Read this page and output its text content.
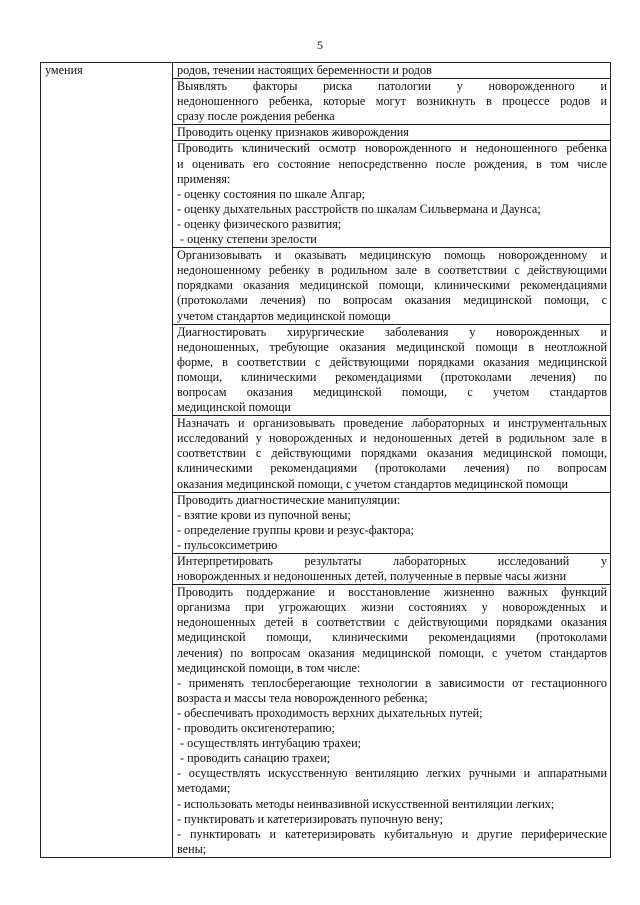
5
умения	родов, течении настоящих беременности и родов

Выявлять факторы риска патологии у новорожденного и
недоношенного ребенка, которые могут возникнуть в процессе родов и
сразу после рождения ребенка

Проводить оценку признаков живорождения

Проводить клинический осмотр новорожденного и недоношенного ребенка
и оценивать его состояние непосредственно после рождения, в том числе
применяя:
- оценку состояния по шкале Апгар;
- оценку дыхательных расстройств по шкалам Сильвермана и Даунса;
- оценку физического развития;
- оценку степени зрелости

Организовывать и оказывать медицинскую помощь новорожденному и
недоношенному ребенку в родильном зале в соответствии с действующими
порядками оказания медицинской помощи, клиническими рекомендациями
(протоколами лечения) по вопросам оказания медицинской помощи, с
учетом стандартов медицинской помощи

Диагностировать хирургические заболевания у новорожденных и
недоношенных, требующие оказания медицинской помощи в неотложной
форме, в соответствии с действующими порядками оказания медицинской
помощи, клиническими рекомендациями (протоколами лечения) по
вопросам оказания медицинской помощи, с учетом стандартов
медицинской помощи

Назначать и организовывать проведение лабораторных и инструментальных
исследований у новорожденных и недоношенных детей в родильном зале в
соответствии с действующими порядками оказания медицинской помощи,
клиническими рекомендациями (протоколами лечения) по вопросам
оказания медицинской помощи, с учетом стандартов медицинской помощи

Проводить диагностические манипуляции:
- взятие крови из пупочной вены;
- определение группы крови и резус-фактора;
- пульсоксиметрию

Интерпретировать результаты лабораторных исследований у
новорожденных и недоношенных детей, полученные в первые часы жизни

Проводить поддержание и восстановление жизненно важных функций
организма при угрожающих жизни состояниях у новорожденных и
недоношенных детей в соответствии с действующими порядками оказания
медицинской помощи, клиническими рекомендациями (протоколами
лечения) по вопросам оказания медицинской помощи, с учетом стандартов
медицинской помощи, в том числе:
- применять теплосберегающие технологии в зависимости от гестационного
возраста и массы тела новорожденного ребенка;
- обеспечивать проходимость верхних дыхательных путей;
- проводить оксигенотерапию;
- осуществлять интубацию трахеи;
- проводить санацию трахеи;
- осуществлять искусственную вентиляцию легких ручными и аппаратными
методами;
- использовать методы неинвазивной искусственной вентиляции легких;
- пунктировать и катетеризировать пупочную вену;
- пунктировать и катетеризировать кубитальную и другие периферические
вены;
